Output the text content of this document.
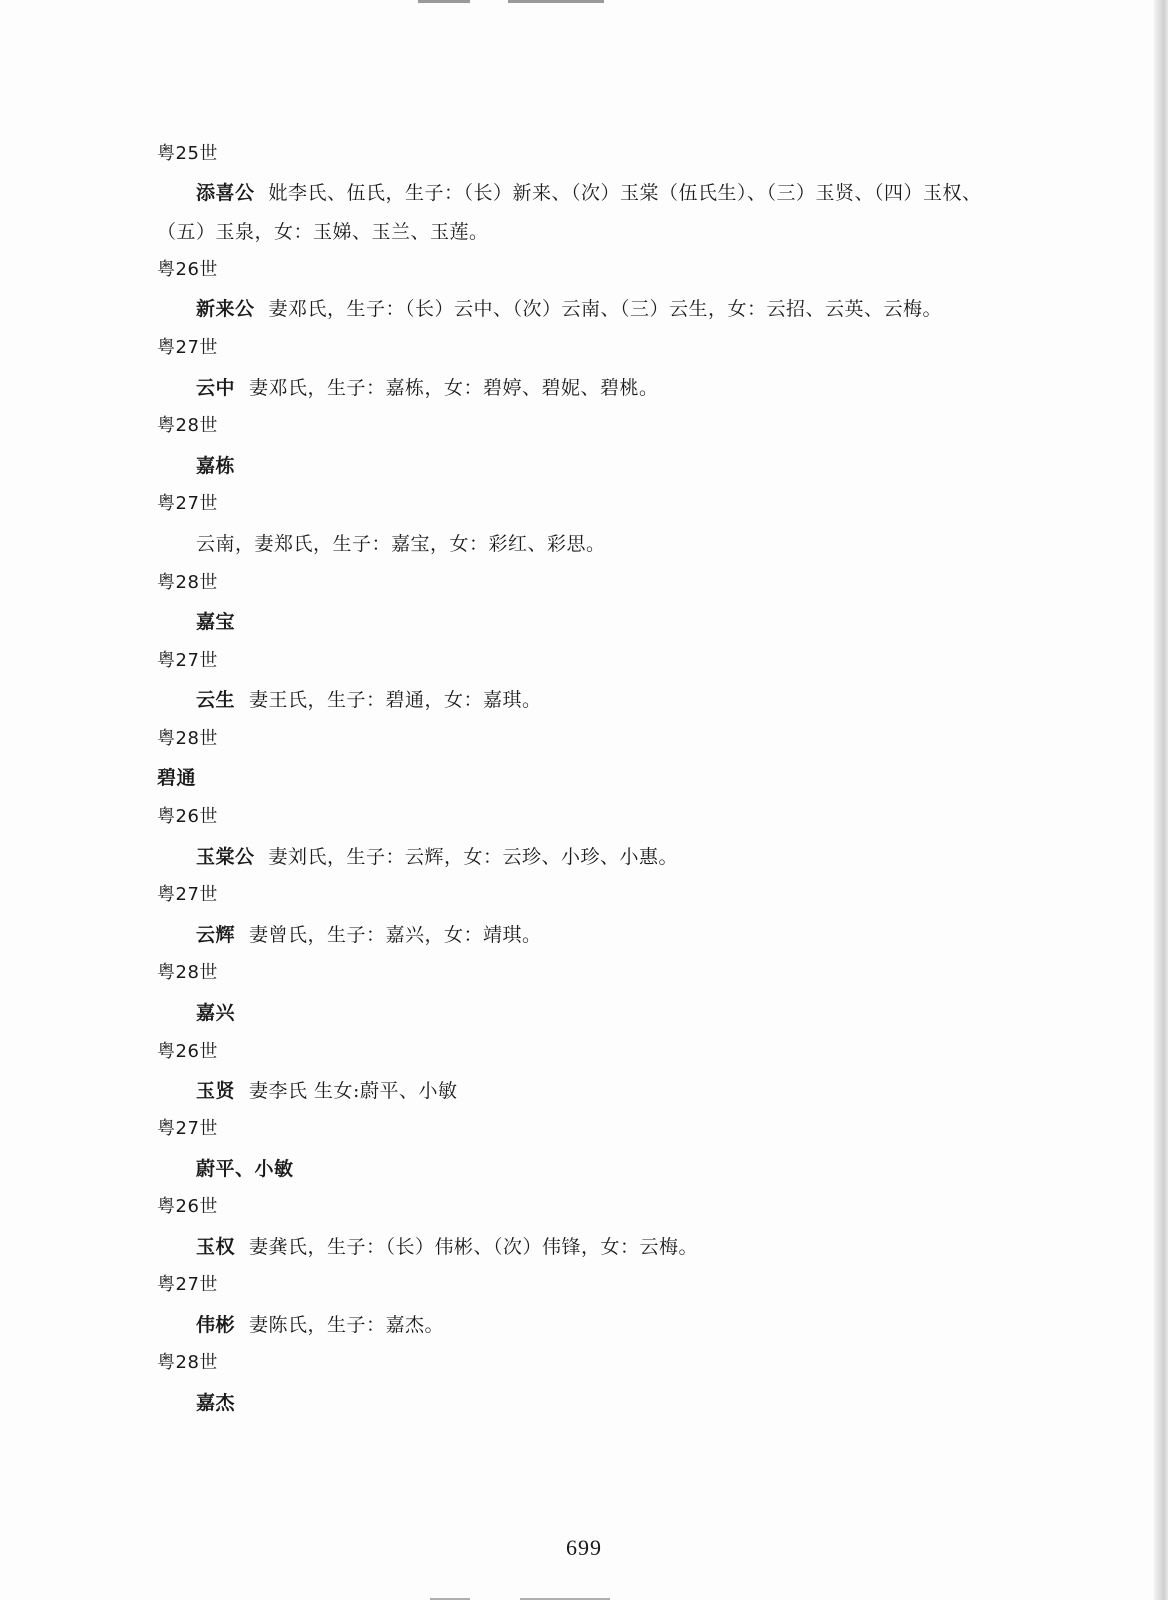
粤25世
添喜公 妣李氏、伍氏，生子：（长）新来、（次）玉棠（伍氏生）、（三）玉贤、（四）玉权、
（五）玉泉，女：玉娣、玉兰、玉莲。
粤26世
新来公 妻邓氏，生子：（长）云中、（次）云南、（三）云生，女：云招、云英、云梅。
粤27世
云中 妻邓氏，生子：嘉栋，女：碧婷、碧妮、碧桃。
粤28世
嘉栋
粤27世
云南，妻郑氏，生子：嘉宝，女：彩红、彩思。
粤28世
嘉宝
粤27世
云生 妻王氏，生子：碧通，女：嘉琪。
粤28世
碧通
粤26世
玉棠公 妻刘氏，生子：云辉，女：云珍、小珍、小惠。
粤27世
云辉 妻曾氏，生子：嘉兴，女：靖琪。
粤28世
嘉兴
粤26世
玉贤 妻李氏 生女:蔚平、小敏
粤27世
蔚平、小敏
粤26世
玉权 妻龚氏，生子：（长）伟彬、（次）伟锋，女：云梅。
粤27世
伟彬 妻陈氏，生子：嘉杰。
粤28世
嘉杰
699
